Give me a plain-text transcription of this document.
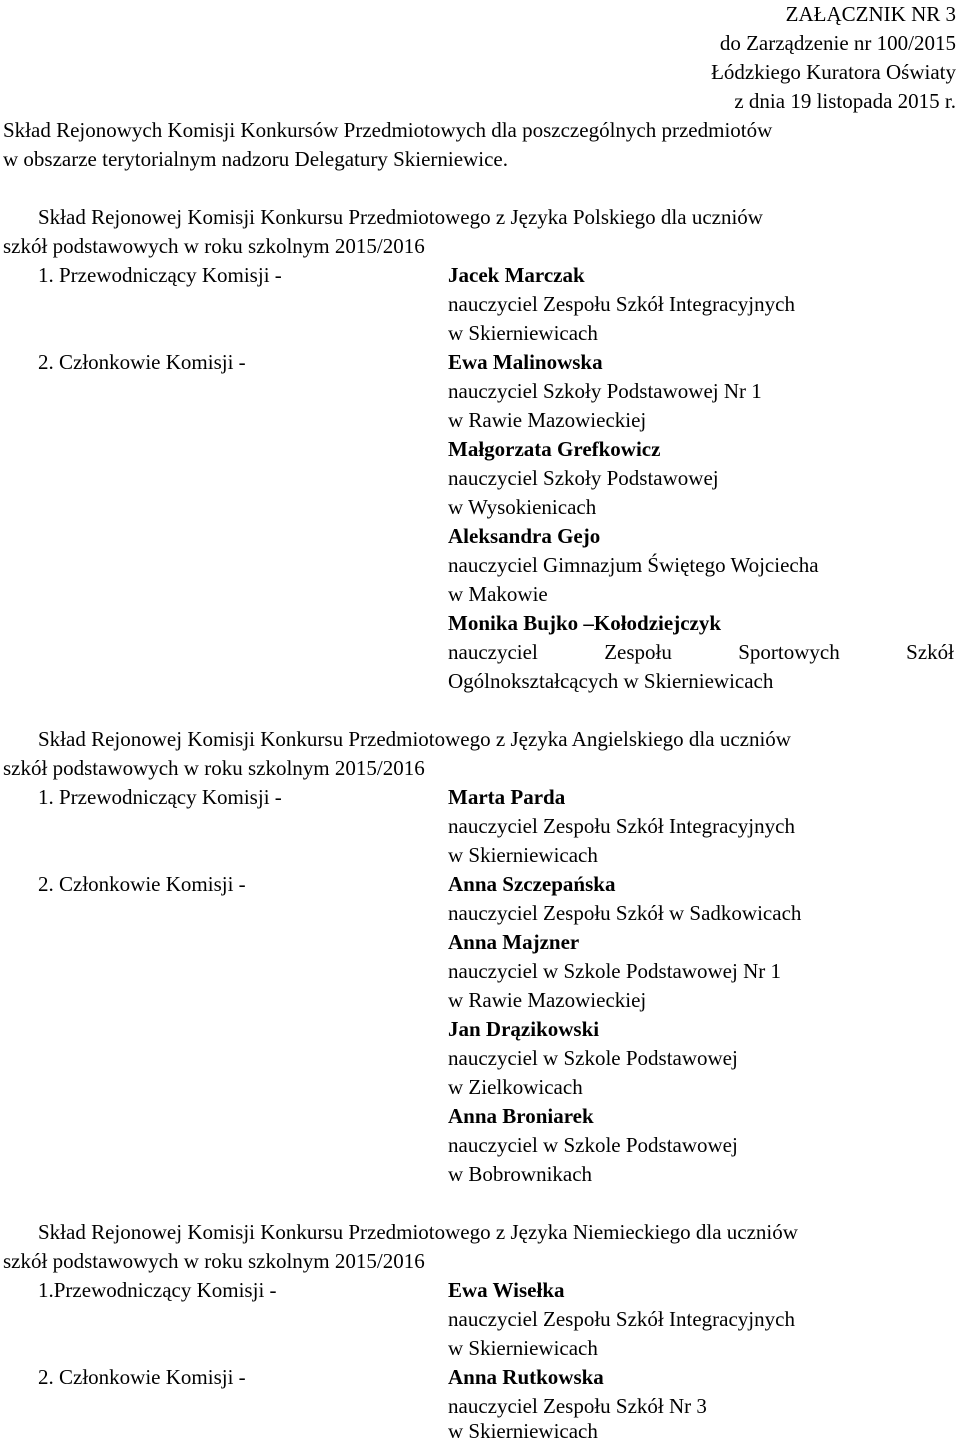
ZAŁĄCZNIK NR 3
do Zarządzenie nr 100/2015
Łódzkiego Kuratora Oświaty
z dnia 19 listopada 2015 r.
Skład Rejonowych Komisji Konkursów Przedmiotowych dla poszczególnych przedmiotów
w obszarze terytorialnym nadzoru Delegatury Skierniewice.
Skład Rejonowej Komisji Konkursu Przedmiotowego z Języka Polskiego dla uczniów
szkół podstawowych w roku szkolnym 2015/2016
1. Przewodniczący Komisji -	Jacek Marczak
nauczyciel Zespołu Szkół Integracyjnych
w Skierniewicach
2. Członkowie Komisji -	Ewa Malinowska
nauczyciel Szkoły Podstawowej Nr 1
w Rawie Mazowieckiej
Małgorzata Grefkowicz
nauczyciel Szkoły Podstawowej
w Wysokienicach
Aleksandra Gejo
nauczyciel Gimnazjum Świętego Wojciecha
w Makowie
Monika Bujko –Kołodziejczyk
nauczyciel	Zespołu	Sportowych	Szkół
Ogólnokształcących w Skierniewicach
Skład Rejonowej Komisji Konkursu Przedmiotowego z Języka Angielskiego dla uczniów
szkół podstawowych w roku szkolnym 2015/2016
1. Przewodniczący Komisji -	Marta Parda
nauczyciel Zespołu Szkół Integracyjnych
w Skierniewicach
2. Członkowie Komisji -	Anna Szczepańska
nauczyciel Zespołu Szkół w Sadkowicach
Anna Majzner
nauczyciel w Szkole Podstawowej Nr 1
w Rawie Mazowieckiej
Jan Drązikowski
nauczyciel w Szkole Podstawowej
w Zielkowicach
Anna Broniarek
nauczyciel w Szkole Podstawowej
w Bobrownikach
Skład Rejonowej Komisji Konkursu Przedmiotowego z Języka Niemieckiego dla uczniów
szkół podstawowych w roku szkolnym 2015/2016
1.Przewodniczący Komisji -	Ewa Wisełka
nauczyciel Zespołu Szkół Integracyjnych
w Skierniewicach
2. Członkowie Komisji -	Anna Rutkowska
nauczyciel Zespołu Szkół Nr 3
w Skierniewicach
